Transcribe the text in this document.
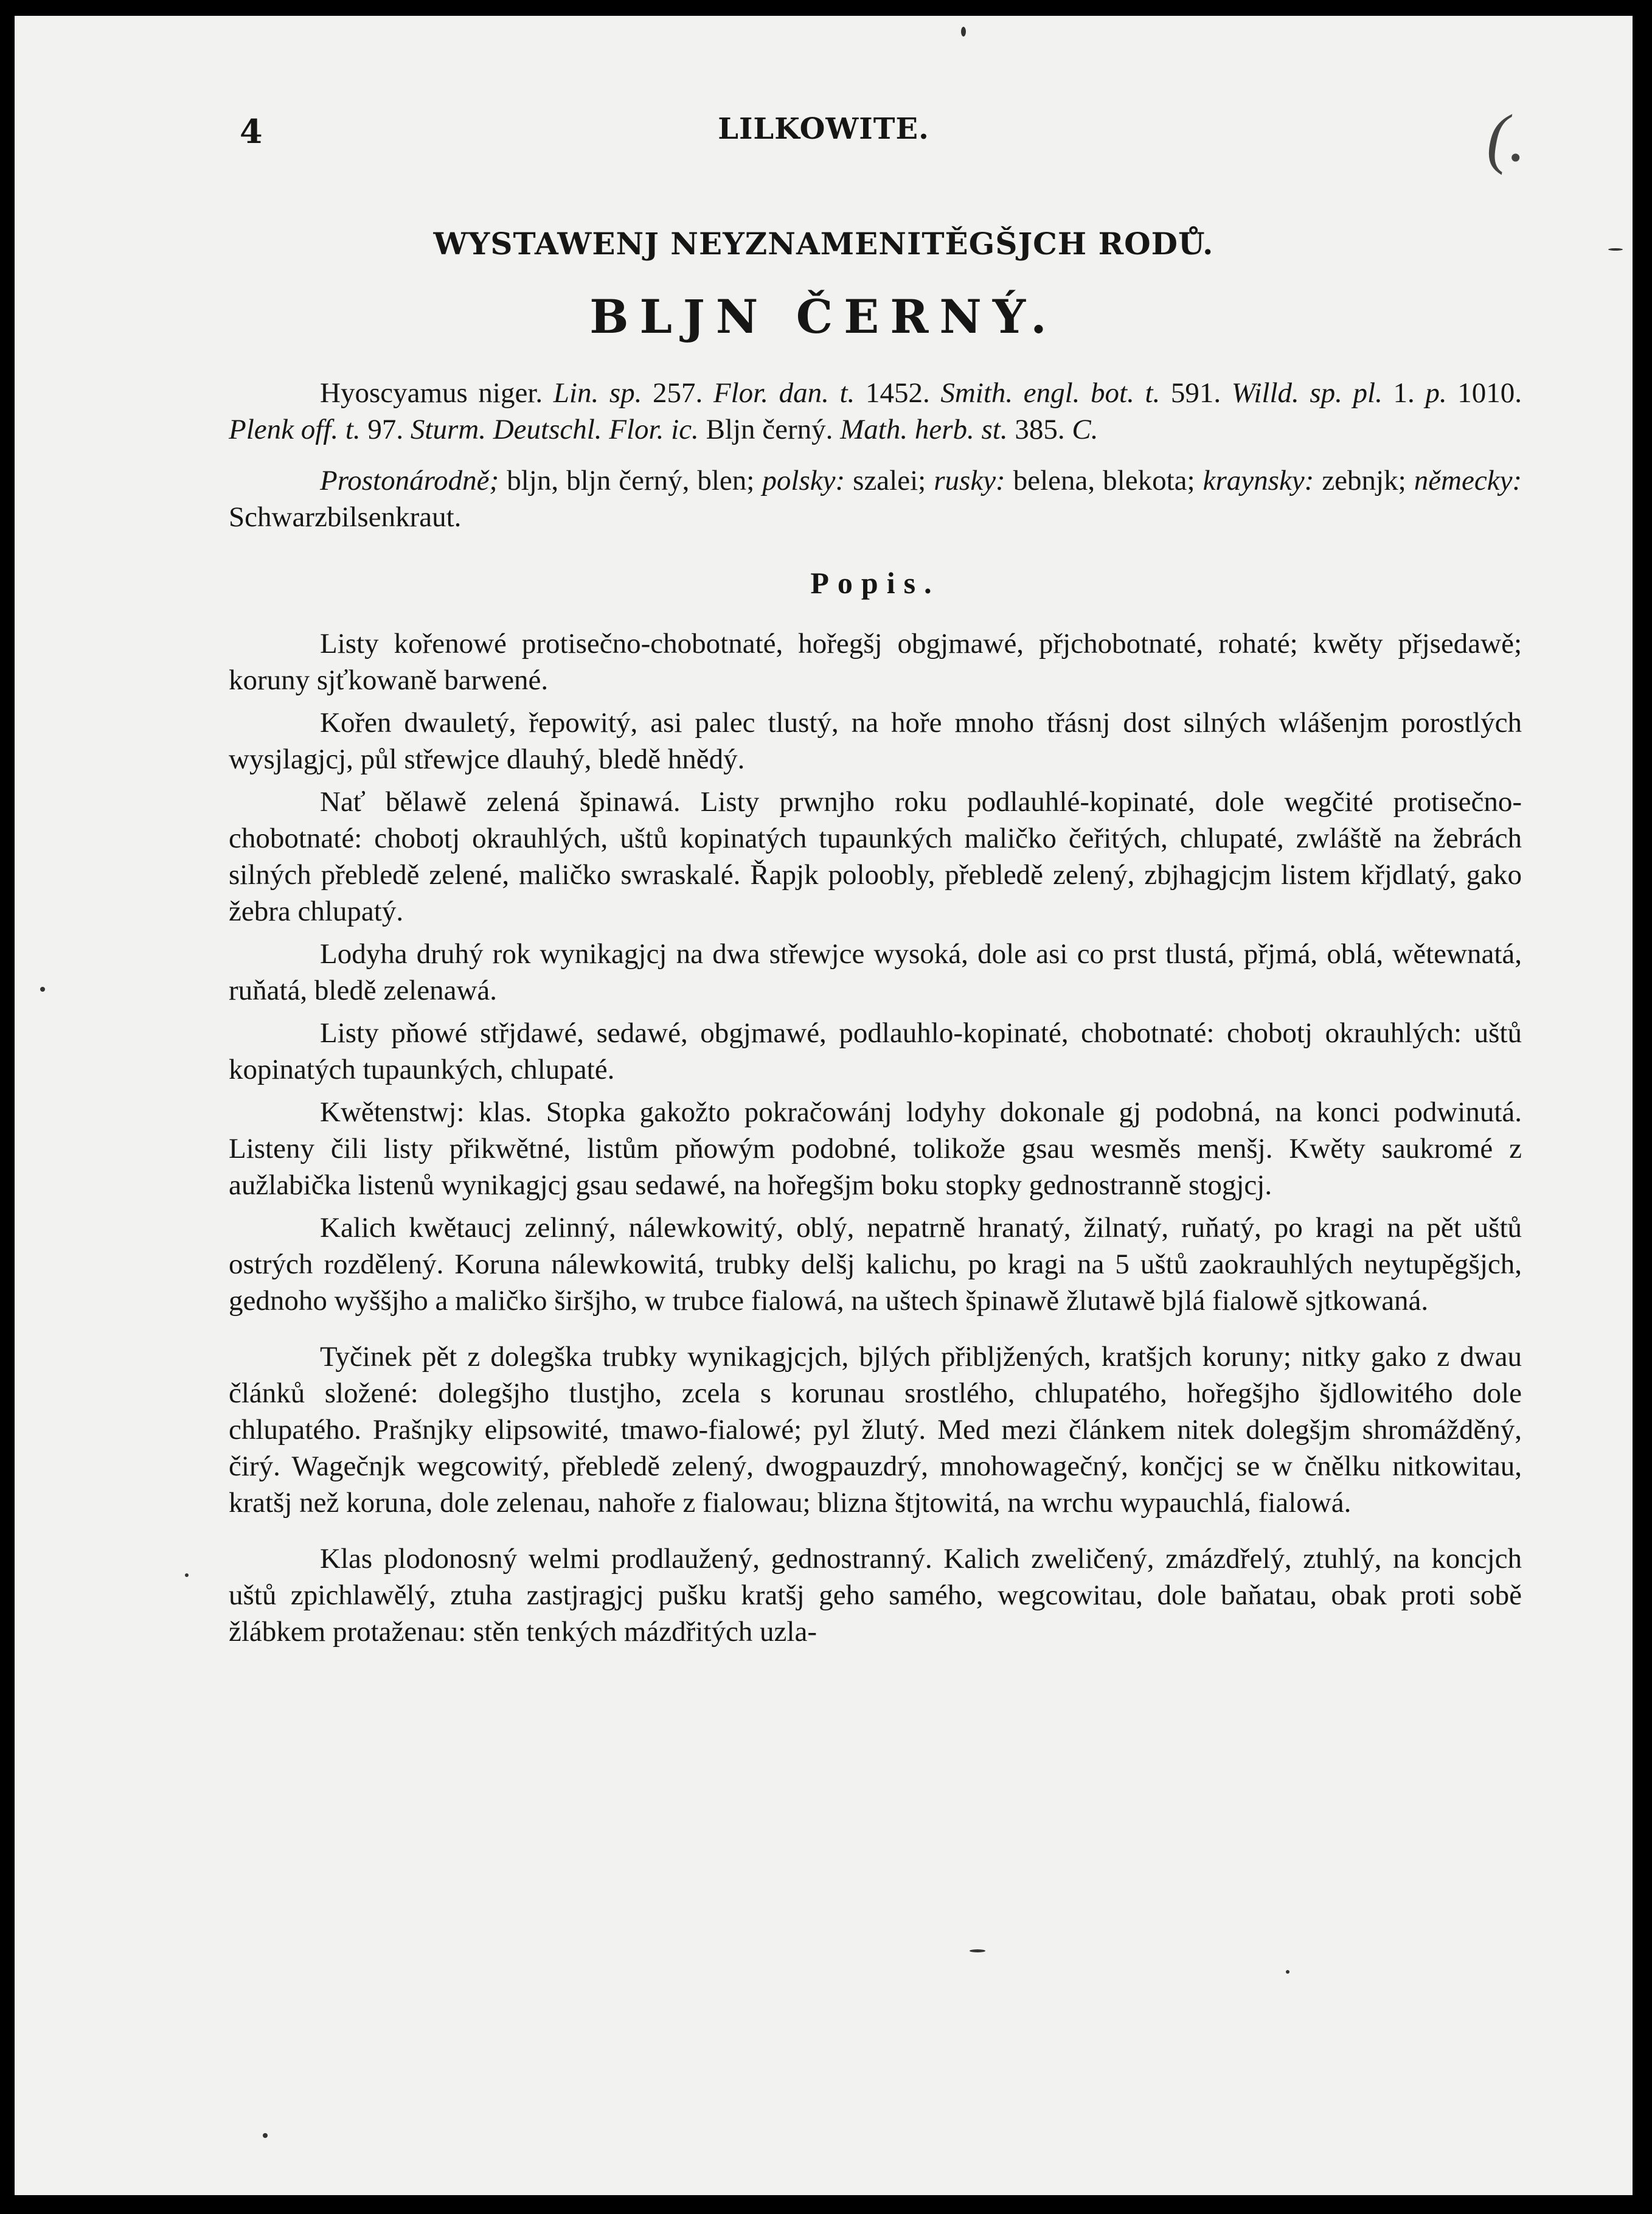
4	LILKOWITE.	(.
WYSTAWENJ NEYZNAMENITĚGŠJCH RODŮ.
BLJN ČERNÝ.

Hyoscyamus niger. Lin. sp. 257. Flor. dan. t. 1452. Smith. engl. bot. t. 591. Willd. sp. pl. 1. p. 1010. Plenk off. t. 97. Sturm. Deutschl. Flor. ic. Bljn černý. Math. herb. st. 385. C.

Prostonárodně; bljn, bljn černý, blen; polsky: szalei; rusky: belena, blekota; kraynsky: zebnjk; německy: Schwarzbilsenkraut.

Popis.

Listy kořenowé protisečno-chobotnaté, hořegšj obgjmawé, přjchobotnaté, rohaté; kwěty přjsedawě; koruny sjťkowaně barwené.

Kořen dwauletý, řepowitý, asi palec tlustý, na hoře mnoho třásnj dost silných wlášenjm porostlých wysjlagjcj, půl střewjce dlauhý, bledě hnědý.

Nať bělawě zelená špinawá. Listy prwnjho roku podlauhlé-kopinaté, dole wegčité protisečno-chobotnaté: chobotj okrauhlých, uštů kopinatých tupaunkých maličko čeřitých, chlupaté, zwláště na žebrách silných přebledě zelené, maličko swraskalé. Řapjk poloobly, přebledě zelený, zbjhagjcjm listem křjdlatý, gako žebra chlupatý.

Lodyha druhý rok wynikagjcj na dwa střewjce wysoká, dole asi co prst tlustá, přjmá, oblá, wětewnatá, ruňatá, bledě zelenawá.

Listy pňowé střjdawé, sedawé, obgjmawé, podlauhlo-kopinaté, chobotnaté: chobotj okrauhlých: uštů kopinatých tupaunkých, chlupaté.

Kwětenstwj: klas. Stopka gakožto pokračowánj lodyhy dokonale gj podobná, na konci podwinutá. Listeny čili listy přikwětné, listům pňowým podobné, tolikože gsau wesměs menšj. Kwěty saukromé z aužlabička listenů wynikagjcj gsau sedawé, na hořegšjm boku stopky gednostranně stogjcj.

Kalich kwětaucj zelinný, nálewkowitý, oblý, nepatrně hranatý, žilnatý, ruňatý, po kragi na pět uštů ostrých rozdělený. Koruna nálewkowitá, trubky delšj kalichu, po kragi na 5 uštů zaokrauhlých neytupěgšjch, gednoho wyššjho a maličko širšjho, w trubce fialowá, na uštech špinawě žlutawě bjlá fialowě sjtkowaná.

Tyčinek pět z dolegška trubky wynikagjcjch, bjlých přibljžených, kratšjch koruny; nitky gako z dwau článků složené: dolegšjho tlustjho, zcela s korunau srostlého, chlupatého, hořegšjho šjdlowitého dole chlupatého. Prašnjky elipsowité, tmawo-fialowé; pyl žlutý. Med mezi článkem nitek dolegšjm shromážděný, čirý. Wagečnjk wegcowitý, přebledě zelený, dwogpauzdrý, mnohowagečný, končjcj se w čnělku nitkowitau, kratšj než koruna, dole zelenau, nahoře z fialowau; blizna štjtowitá, na wrchu wypauchlá, fialowá.

Klas plodonosný welmi prodlaužený, gednostranný. Kalich zweličený, zmázdřelý, ztuhlý, na koncjch uštů zpichlawělý, ztuha zastjragjcj pušku kratšj geho samého, wegcowitau, dole baňatau, obak proti sobě žlábkem protaženau: stěn tenkých mázdřitých uzla-
